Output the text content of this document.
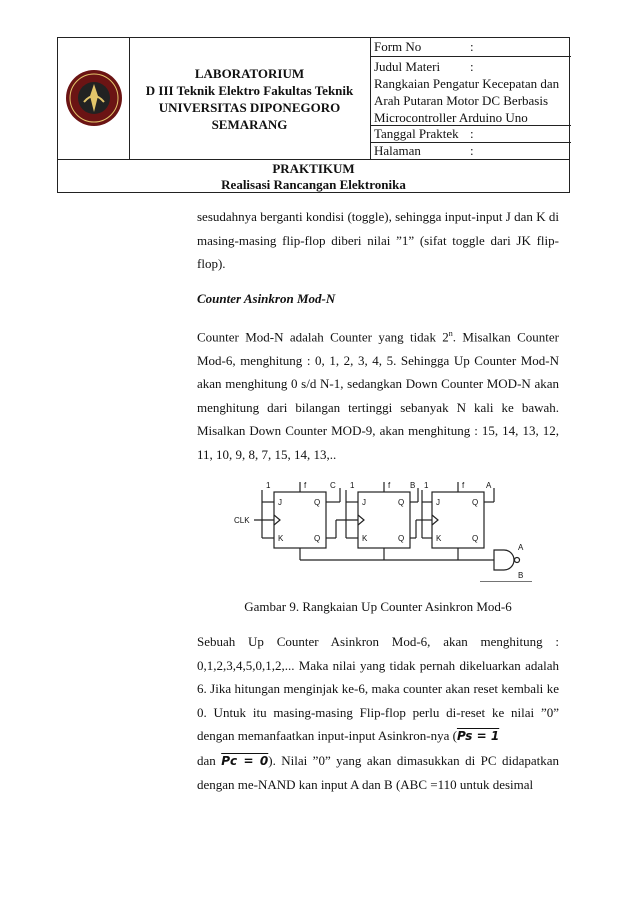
LABORATORIUM
D III Teknik Elektro Fakultas Teknik
UNIVERSITAS DIPONEGORO
SEMARANG
Form No	:
Judul Materi :
Rangkaian Pengatur Kecepatan dan Arah Putaran Motor DC Berbasis Microcontroller Arduino Uno
Tanggal Praktek :
Halaman	:
PRAKTIKUM
Realisasi Rancangan Elektronika
sesudahnya berganti kondisi (toggle), sehingga input-input J dan K di masing-masing flip-flop diberi nilai ”1” (sifat toggle dari JK flip-flop).
Counter Asinkron Mod-N
Counter Mod-N adalah Counter yang tidak 2$^n$. Misalkan Counter Mod-6, menghitung : 0, 1, 2, 3, 4, 5. Sehingga Up Counter Mod-N akan menghitung 0 s/d N-1, sedangkan Down Counter MOD-N akan menghitung dari bilangan tertinggi sebanyak N kali ke bawah. Misalkan Down Counter MOD-9, akan menghitung : 15, 14, 13, 12, 11, 10, 9, 8, 7, 15, 14, 13,..
1	1	1
f	f	f
C	B	A
J	J	J
K	K	K
Q	Q	Q
Q	Q	Q
CLK
A
B
Gambar 9. Rangkaian Up Counter Asinkron Mod-6
Sebuah Up Counter Asinkron Mod-6, akan menghitung : 0,1,2,3,4,5,0,1,2,... Maka nilai yang tidak pernah dikeluarkan adalah 6. Jika hitungan menginjak ke-6, maka counter akan reset kembali ke 0. Untuk itu masing-masing Flip-flop perlu di-reset ke nilai ”0” dengan memanfaatkan input-input Asinkron-nya (Ps = 1
dan Pc = 0). Nilai ”0” yang akan dimasukkan di PC didapatkan dengan me-NAND kan input A dan B (ABC =110 untuk desimal
